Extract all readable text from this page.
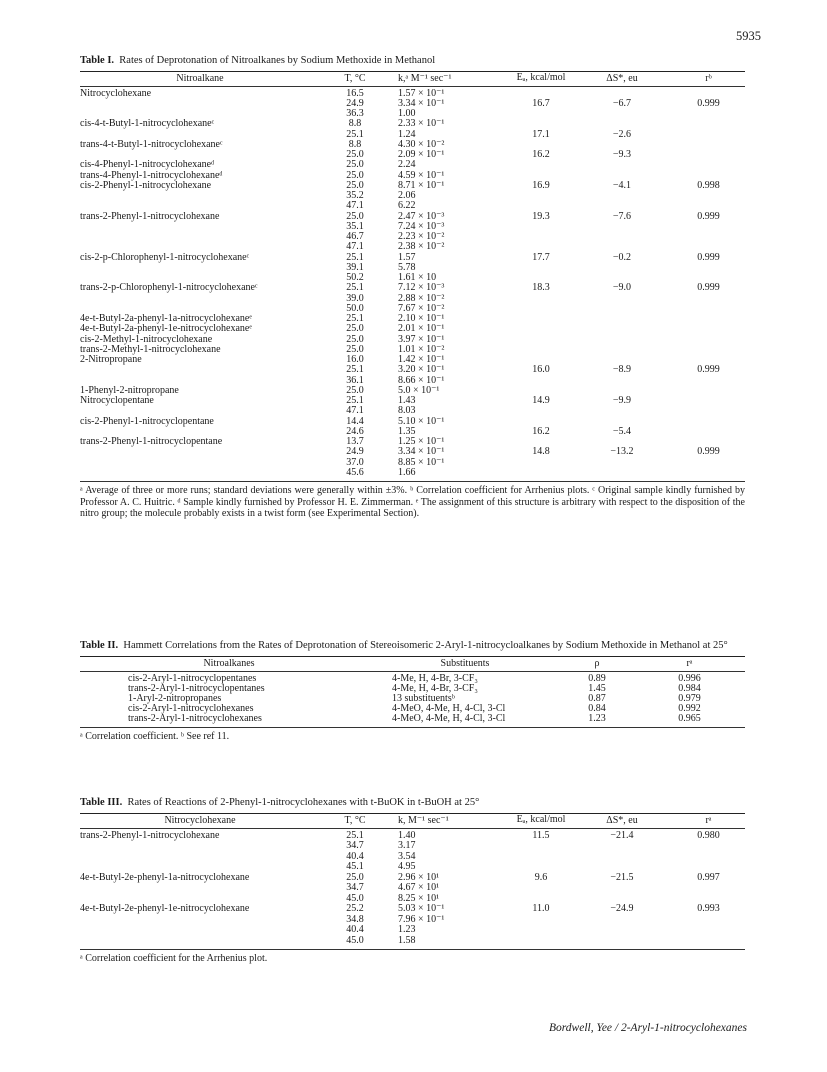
5935
Table I. Rates of Deprotonation of Nitroalkanes by Sodium Methoxide in Methanol
Nitroalkane	T, °C	k,ᵃ M⁻¹ sec⁻¹	Eₐ, kcal/mol	ΔS*, eu	rᵇ
Nitrocyclohexane	16.5	1.57 × 10⁻¹
24.9	3.34 × 10⁻¹	16.7	−6.7	0.999
36.3	1.00
cis-4-t-Butyl-1-nitrocyclohexaneᶜ	8.8	2.33 × 10⁻¹
25.1	1.24	17.1	−2.6
trans-4-t-Butyl-1-nitrocyclohexaneᶜ	8.8	4.30 × 10⁻²
25.0	2.09 × 10⁻¹	16.2	−9.3
cis-4-Phenyl-1-nitrocyclohexaneᵈ	25.0	2.24
trans-4-Phenyl-1-nitrocyclohexaneᵈ	25.0	4.59 × 10⁻¹
cis-2-Phenyl-1-nitrocyclohexane	25.0	8.71 × 10⁻¹	16.9	−4.1	0.998
35.2	2.06
47.1	6.22
trans-2-Phenyl-1-nitrocyclohexane	25.0	2.47 × 10⁻³	19.3	−7.6	0.999
35.1	7.24 × 10⁻³
46.7	2.23 × 10⁻²
47.1	2.38 × 10⁻²
cis-2-p-Chlorophenyl-1-nitrocyclohexaneᶜ	25.1	1.57	17.7	−0.2	0.999
39.1	5.78
50.2	1.61 × 10
trans-2-p-Chlorophenyl-1-nitrocyclohexaneᶜ	25.1	7.12 × 10⁻³	18.3	−9.0	0.999
39.0	2.88 × 10⁻²
50.0	7.67 × 10⁻²
4e-t-Butyl-2a-phenyl-1a-nitrocyclohexaneᵉ	25.1	2.10 × 10⁻¹
4e-t-Butyl-2a-phenyl-1e-nitrocyclohexaneᵉ	25.0	2.01 × 10⁻¹
cis-2-Methyl-1-nitrocyclohexane	25.0	3.97 × 10⁻¹
trans-2-Methyl-1-nitrocyclohexane	25.0	1.01 × 10⁻²
2-Nitropropane	16.0	1.42 × 10⁻¹
25.1	3.20 × 10⁻¹	16.0	−8.9	0.999
36.1	8.66 × 10⁻¹
1-Phenyl-2-nitropropane	25.0	5.0 × 10⁻¹
Nitrocyclopentane	25.1	1.43	14.9	−9.9
47.1	8.03
cis-2-Phenyl-1-nitrocyclopentane	14.4	5.10 × 10⁻¹
24.6	1.35	16.2	−5.4
trans-2-Phenyl-1-nitrocyclopentane	13.7	1.25 × 10⁻¹
24.9	3.34 × 10⁻¹	14.8	−13.2	0.999
37.0	8.85 × 10⁻¹
45.6	1.66
ᵃ Average of three or more runs; standard deviations were generally within ±3%. ᵇ Correlation coefficient for Arrhenius plots. ᶜ Original sample kindly furnished by Professor A. C. Huitric. ᵈ Sample kindly furnished by Professor H. E. Zimmerman. ᵉ The assignment of this structure is arbitrary with respect to the disposition of the nitro group; the molecule probably exists in a twist form (see Experimental Section).
Table II. Hammett Correlations from the Rates of Deprotonation of Stereoisomeric 2-Aryl-1-nitrocycloalkanes by Sodium Methoxide in Methanol at 25°
Nitroalkanes	Substituents	ρ	rᵃ
cis-2-Aryl-1-nitrocyclopentanes	4-Me, H, 4-Br, 3-CF₃	0.89	0.996
trans-2-Aryl-1-nitrocyclopentanes	4-Me, H, 4-Br, 3-CF₃	1.45	0.984
1-Aryl-2-nitropropanes	13 substituentsᵇ	0.87	0.979
cis-2-Aryl-1-nitrocyclohexanes	4-MeO, 4-Me, H, 4-Cl, 3-Cl	0.84	0.992
trans-2-Aryl-1-nitrocyclohexanes	4-MeO, 4-Me, H, 4-Cl, 3-Cl	1.23	0.965
ᵃ Correlation coefficient. ᵇ See ref 11.
Table III. Rates of Reactions of 2-Phenyl-1-nitrocyclohexanes with t-BuOK in t-BuOH at 25°
Nitrocyclohexane	T, °C	k, M⁻¹ sec⁻¹	Eₐ, kcal/mol	ΔS*, eu	rᵃ
trans-2-Phenyl-1-nitrocyclohexane	25.1	1.40	11.5	−21.4	0.980
34.7	3.17
40.4	3.54
45.1	4.95
4e-t-Butyl-2e-phenyl-1a-nitrocyclohexane	25.0	2.96 × 10¹	9.6	−21.5	0.997
34.7	4.67 × 10¹
45.0	8.25 × 10¹
4e-t-Butyl-2e-phenyl-1e-nitrocyclohexane	25.2	5.03 × 10⁻¹	11.0	−24.9	0.993
34.8	7.96 × 10⁻¹
40.4	1.23
45.0	1.58
ᵃ Correlation coefficient for the Arrhenius plot.
Bordwell, Yee / 2-Aryl-1-nitrocyclohexanes
